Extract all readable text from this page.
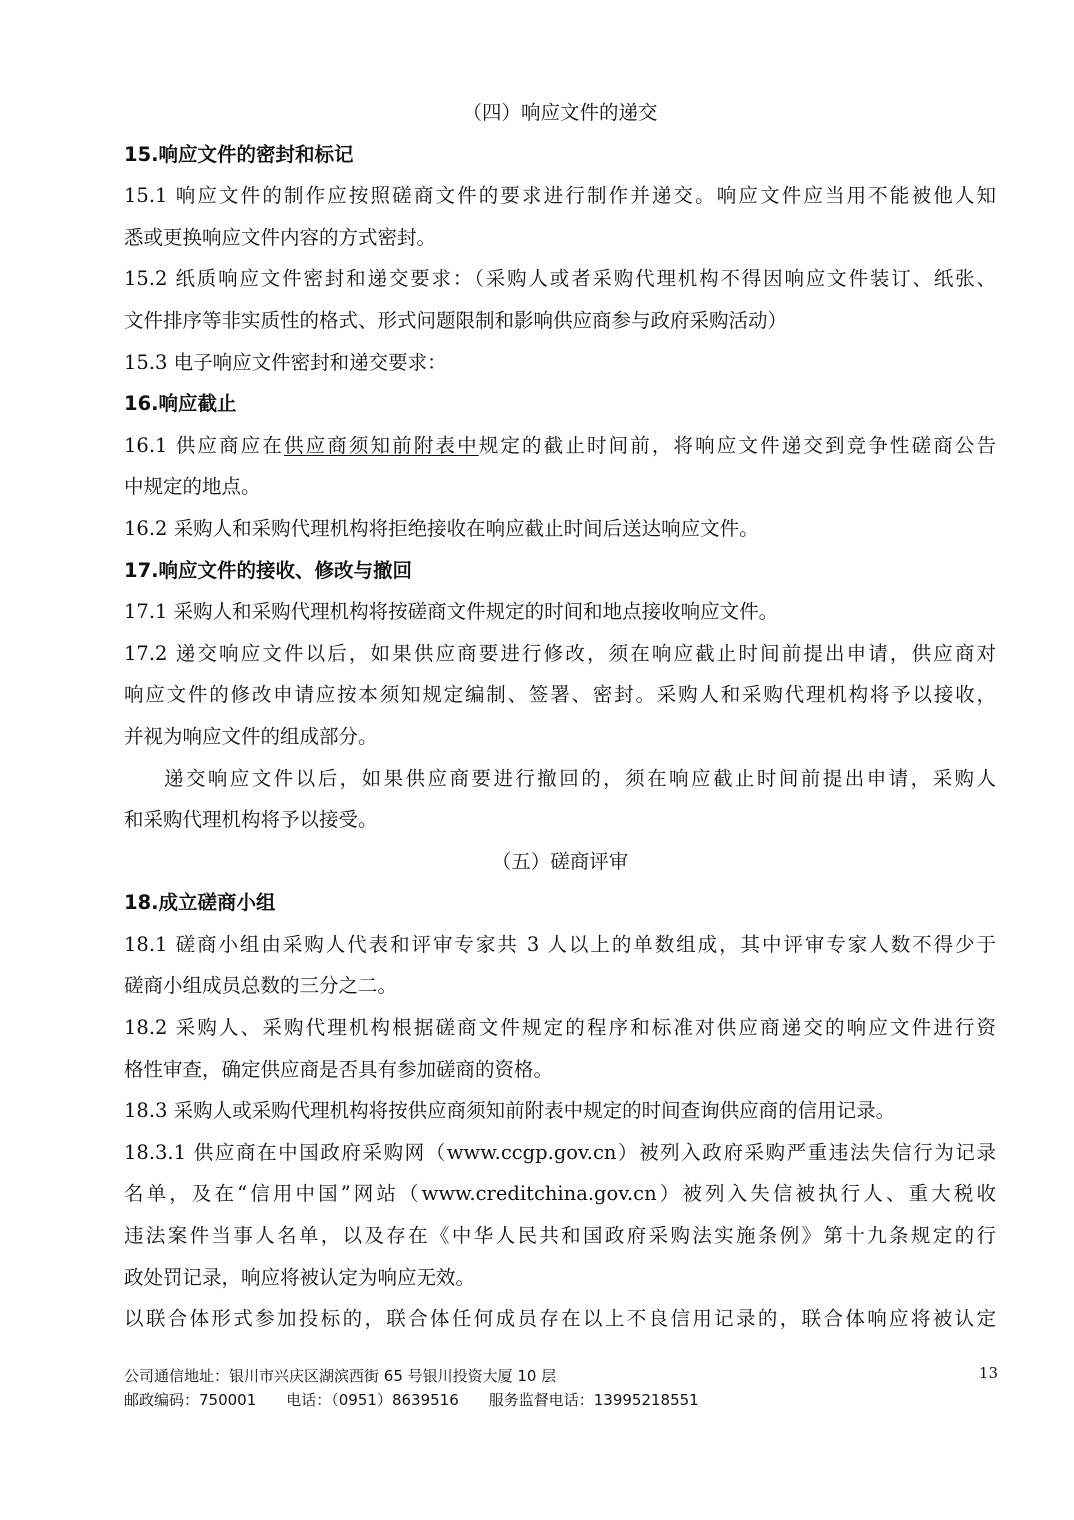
（四）响应文件的递交
15.响应文件的密封和标记
15.1 响应文件的制作应按照磋商文件的要求进行制作并递交。响应文件应当用不能被他人知
悉或更换响应文件内容的方式密封。
15.2 纸质响应文件密封和递交要求：（采购人或者采购代理机构不得因响应文件装订、纸张、
文件排序等非实质性的格式、形式问题限制和影响供应商参与政府采购活动）
15.3 电子响应文件密封和递交要求：
16.响应截止
16.1 供应商应在供应商须知前附表中规定的截止时间前，将响应文件递交到竞争性磋商公告
中规定的地点。
16.2 采购人和采购代理机构将拒绝接收在响应截止时间后送达响应文件。
17.响应文件的接收、修改与撤回
17.1 采购人和采购代理机构将按磋商文件规定的时间和地点接收响应文件。
17.2 递交响应文件以后，如果供应商要进行修改，须在响应截止时间前提出申请，供应商对
响应文件的修改申请应按本须知规定编制、签署、密封。采购人和采购代理机构将予以接收，
并视为响应文件的组成部分。
递交响应文件以后，如果供应商要进行撤回的，须在响应截止时间前提出申请，采购人
和采购代理机构将予以接受。
（五）磋商评审
18.成立磋商小组
18.1 磋商小组由采购人代表和评审专家共 3 人以上的单数组成，其中评审专家人数不得少于
磋商小组成员总数的三分之二。
18.2 采购人、采购代理机构根据磋商文件规定的程序和标准对供应商递交的响应文件进行资
格性审查，确定供应商是否具有参加磋商的资格。
18.3 采购人或采购代理机构将按供应商须知前附表中规定的时间查询供应商的信用记录。
18.3.1 供应商在中国政府采购网（www.ccgp.gov.cn）被列入政府采购严重违法失信行为记录
名单，及在“信用中国”网站（www.creditchina.gov.cn）被列入失信被执行人、重大税收
违法案件当事人名单，以及存在《中华人民共和国政府采购法实施条例》第十九条规定的行
政处罚记录，响应将被认定为响应无效。
以联合体形式参加投标的，联合体任何成员存在以上不良信用记录的，联合体响应将被认定
公司通信地址：银川市兴庆区湖滨西街 65 号银川投资大厦 10 层
邮政编码：750001 电话：（0951）8639516 服务监督电话：13995218551
13
